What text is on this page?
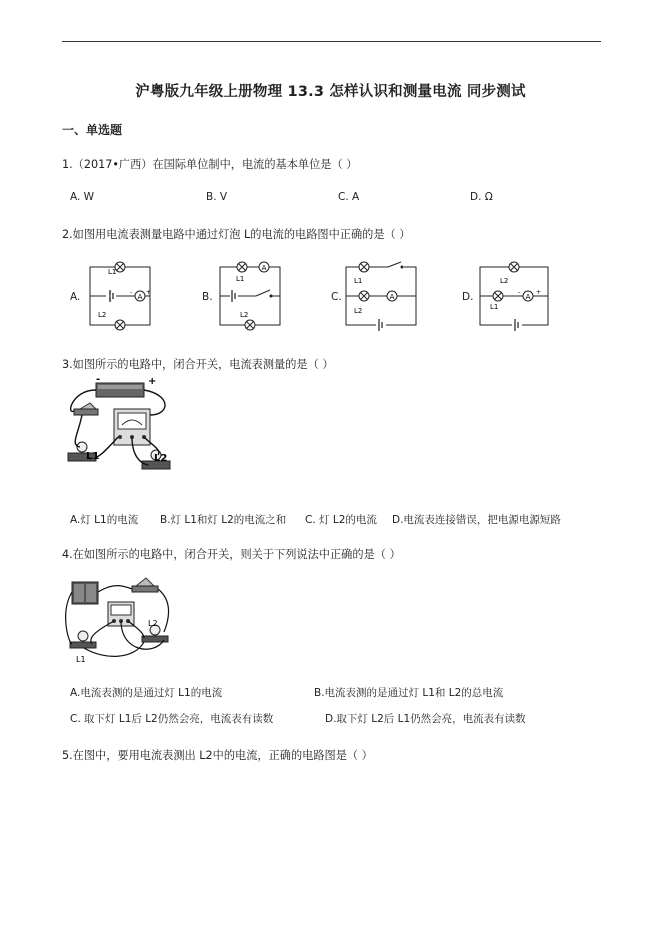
沪粤版九年级上册物理 13.3 怎样认识和测量电流 同步测试
一、单选题
1.（2017•广西）在国际单位制中，电流的基本单位是（ ）
A. W	B. V	C. A	D. Ω
2.如图用电流表测量电路中通过灯泡 L的电流的电路图中正确的是（ ）
A.	B.	C.	D.
A
L1
L2
- +
A
L1
L2
A
L1
L2
A
L2
L1
-	+
3.如图所示的电路中，闭合开关，电流表测量的是（ ）
-	+
L1	L2
A.灯 L1的电流 B.灯 L1和灯 L2的电流之和 C. 灯 L2的电流 D.电流表连接错误，把电源电源短路
4.在如图所示的电路中，闭合开关，则关于下列说法中正确的是（ ）
L1
L2
A.电流表测的是通过灯 L1的电流	B.电流表测的是通过灯 L1和 L2的总电流
C. 取下灯 L1后 L2仍然会亮，电流表有读数	D.取下灯 L2后 L1仍然会亮，电流表有读数
5.在图中，要用电流表测出 L2中的电流，正确的电路图是（ ）
